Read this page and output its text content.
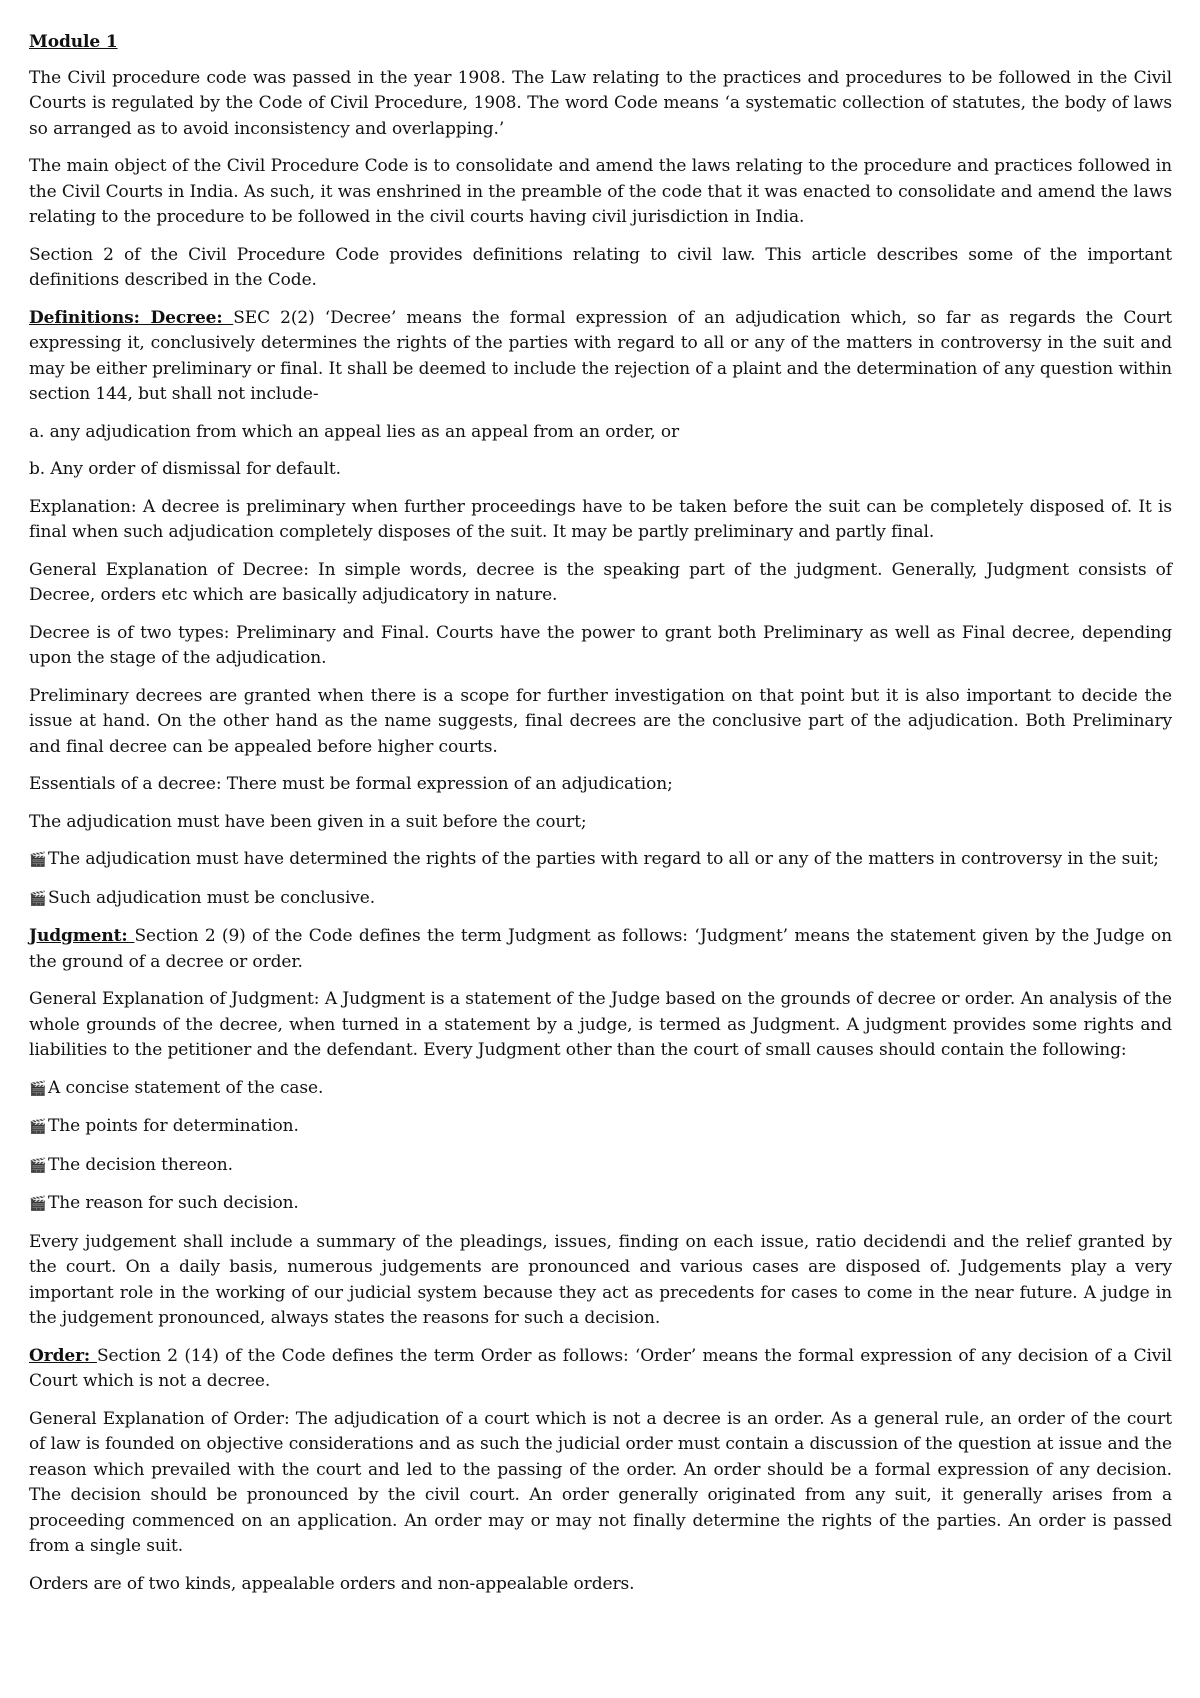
Module 1

The Civil procedure code was passed in the year 1908. The Law relating to the practices and procedures to be followed in the Civil Courts is regulated by the Code of Civil Procedure, 1908. The word Code means ‘a systematic collection of statutes, the body of laws so arranged as to avoid inconsistency and overlapping.’

The main object of the Civil Procedure Code is to consolidate and amend the laws relating to the procedure and practices followed in the Civil Courts in India. As such, it was enshrined in the preamble of the code that it was enacted to consolidate and amend the laws relating to the procedure to be followed in the civil courts having civil jurisdiction in India.

Section 2 of the Civil Procedure Code provides definitions relating to civil law. This article describes some of the important definitions described in the Code.

Definitions: Decree: SEC 2(2) ‘Decree’ means the formal expression of an adjudication which, so far as regards the Court expressing it, conclusively determines the rights of the parties with regard to all or any of the matters in controversy in the suit and may be either preliminary or final. It shall be deemed to include the rejection of a plaint and the determination of any question within section 144, but shall not include-

a. any adjudication from which an appeal lies as an appeal from an order, or

b. Any order of dismissal for default.

Explanation: A decree is preliminary when further proceedings have to be taken before the suit can be completely disposed of. It is final when such adjudication completely disposes of the suit. It may be partly preliminary and partly final.

General Explanation of Decree: In simple words, decree is the speaking part of the judgment. Generally, Judgment consists of Decree, orders etc which are basically adjudicatory in nature.

Decree is of two types: Preliminary and Final. Courts have the power to grant both Preliminary as well as Final decree, depending upon the stage of the adjudication.

Preliminary decrees are granted when there is a scope for further investigation on that point but it is also important to decide the issue at hand. On the other hand as the name suggests, final decrees are the conclusive part of the adjudication. Both Preliminary and final decree can be appealed before higher courts.

Essentials of a decree: There must be formal expression of an adjudication;

The adjudication must have been given in a suit before the court;

🎬The adjudication must have determined the rights of the parties with regard to all or any of the matters in controversy in the suit;
🎬Such adjudication must be conclusive.

Judgment: Section 2 (9) of the Code defines the term Judgment as follows: ‘Judgment’ means the statement given by the Judge on the ground of a decree or order.

General Explanation of Judgment: A Judgment is a statement of the Judge based on the grounds of decree or order. An analysis of the whole grounds of the decree, when turned in a statement by a judge, is termed as Judgment. A judgment provides some rights and liabilities to the petitioner and the defendant. Every Judgment other than the court of small causes should contain the following:

🎬A concise statement of the case.
🎬The points for determination.
🎬The decision thereon.
🎬The reason for such decision.

Every judgement shall include a summary of the pleadings, issues, finding on each issue, ratio decidendi and the relief granted by the court. On a daily basis, numerous judgements are pronounced and various cases are disposed of. Judgements play a very important role in the working of our judicial system because they act as precedents for cases to come in the near future. A judge in the judgement pronounced, always states the reasons for such a decision.

Order: Section 2 (14) of the Code defines the term Order as follows: ‘Order’ means the formal expression of any decision of a Civil Court which is not a decree.

General Explanation of Order: The adjudication of a court which is not a decree is an order. As a general rule, an order of the court of law is founded on objective considerations and as such the judicial order must contain a discussion of the question at issue and the reason which prevailed with the court and led to the passing of the order. An order should be a formal expression of any decision. The decision should be pronounced by the civil court. An order generally originated from any suit, it generally arises from a proceeding commenced on an application. An order may or may not finally determine the rights of the parties. An order is passed from a single suit.

Orders are of two kinds, appealable orders and non-appealable orders.
